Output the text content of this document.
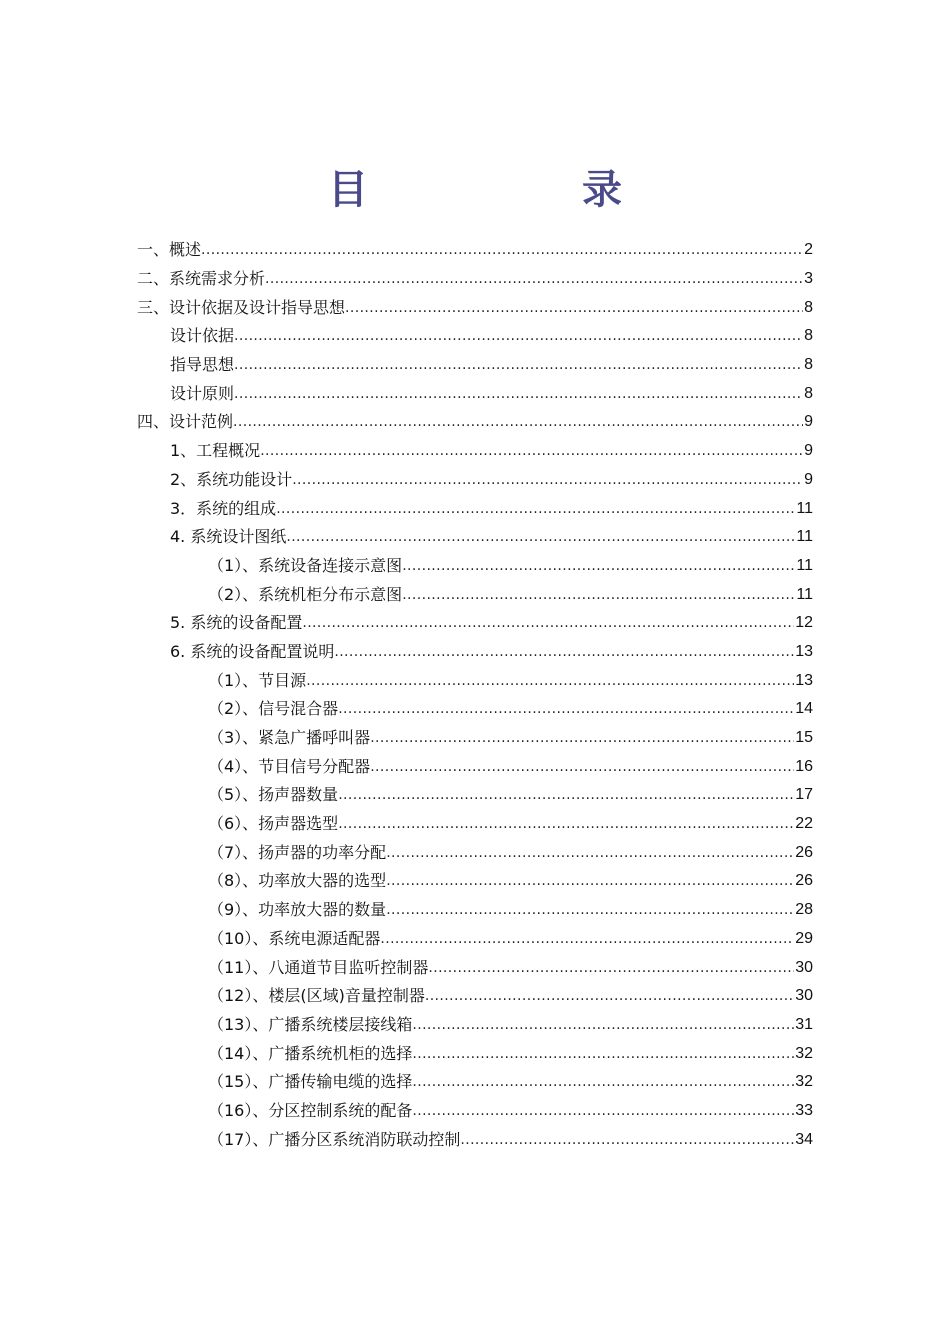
目 录
一、概述 .....	2
二、系统需求分析 .....	3
三、设计依据及设计指导思想 .....	8
设计依据 .....	8
指导思想 .....	8
设计原则 .....	8
四、设计范例 .....	9
1、工程概况 .....	9
2、系统功能设计 .....	9
3．系统的组成 .....	11
4. 系统设计图纸 .....	11
（1）、系统设备连接示意图 .....	11
（2）、系统机柜分布示意图 .....	11
5. 系统的设备配置 .....	12
6. 系统的设备配置说明 .....	13
（1）、节目源 .....	13
（2）、信号混合器 .....	14
（3）、紧急广播呼叫器 .....	15
（4）、节目信号分配器 .....	16
（5）、扬声器数量 .....	17
（6）、扬声器选型 .....	22
（7）、扬声器的功率分配 .....	26
（8）、功率放大器的选型 .....	26
（9）、功率放大器的数量 .....	28
（10）、系统电源适配器 .....	29
（11）、八通道节目监听控制器 .....	30
（12）、楼层(区域)音量控制器 .....	30
（13）、广播系统楼层接线箱 .....	31
（14）、广播系统机柜的选择 .....	32
（15）、广播传输电缆的选择 .....	32
（16）、分区控制系统的配备 .....	33
（17）、广播分区系统消防联动控制 .....	34
